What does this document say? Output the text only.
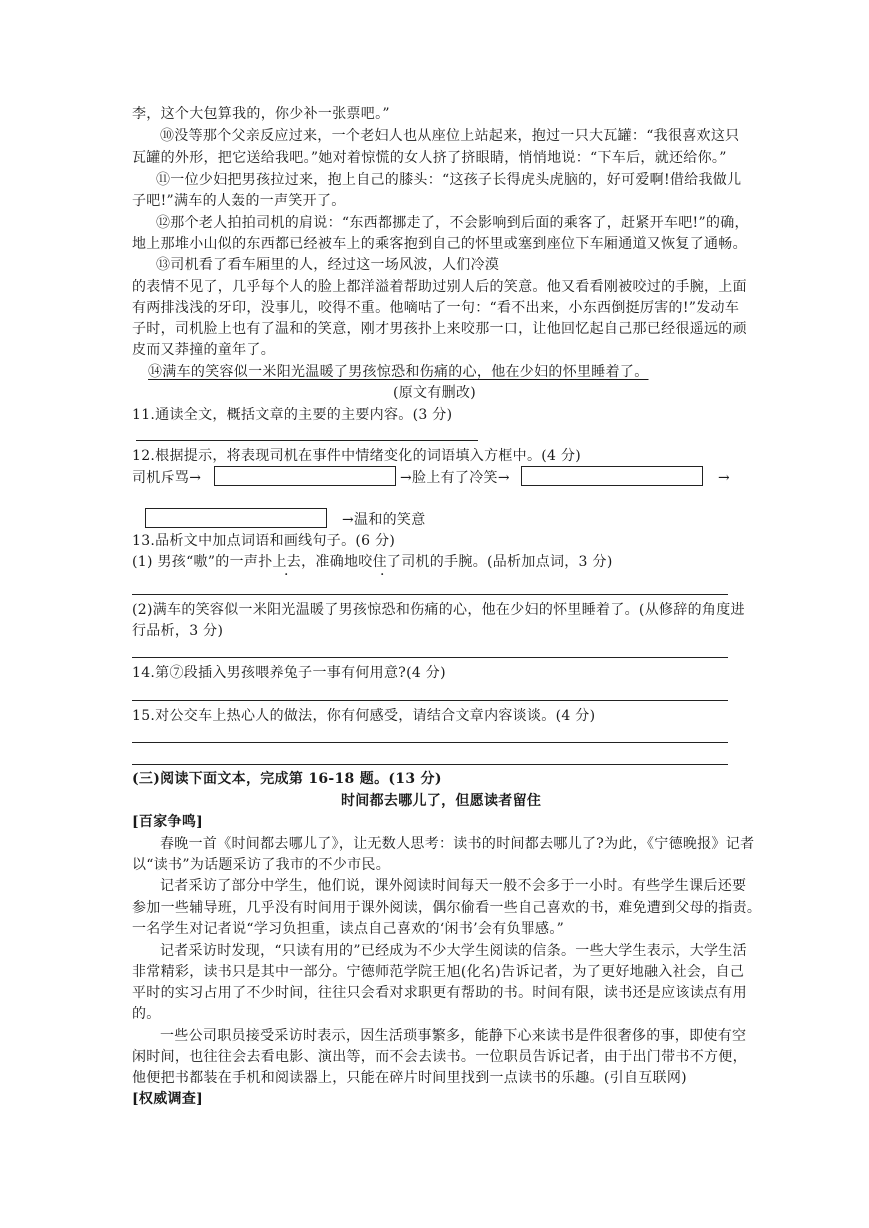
李，这个大包算我的，你少补一张票吧。”
⑩没等那个父亲反应过来，一个老妇人也从座位上站起来，抱过一只大瓦罐：“我很喜欢这只
瓦罐的外形，把它送给我吧。”她对着惊慌的女人挤了挤眼睛，悄悄地说：“下车后，就还给你。”
⑪一位少妇把男孩拉过来，抱上自己的膝头：“这孩子长得虎头虎脑的，好可爱啊!借给我做儿
子吧!”满车的人轰的一声笑开了。
⑫那个老人拍拍司机的肩说：“东西都挪走了，不会影响到后面的乘客了，赶紧开车吧!”的确，
地上那堆小山似的东西都已经被车上的乘客抱到自己的怀里或塞到座位下车厢通道又恢复了通畅。
⑬司机看了看车厢里的人，经过这一场风波，人们冷漠
的表情不见了，几乎每个人的脸上都洋溢着帮助过别人后的笑意。他又看看刚被咬过的手腕，上面
有两排浅浅的牙印，没事儿，咬得不重。他嘀咕了一句：“看不出来，小东西倒挺厉害的!”发动车
子时，司机脸上也有了温和的笑意，刚才男孩扑上来咬那一口，让他回忆起自己那已经很遥远的顽
皮而又莽撞的童年了。
⑭满车的笑容似一米阳光温暖了男孩惊恐和伤痛的心，他在少妇的怀里睡着了。
(原文有删改)
11.通读全文，概括文章的主要的主要内容。(3 分)
12.根据提示，将表现司机在事件中情绪变化的词语填入方框中。(4 分)
司机斥骂→	→脸上有了冷笑→	→
→温和的笑意
13.品析文中加点词语和画线句子。(6 分)
(1) 男孩“嗷”的一声扑上去，准确地咬住了司机的手腕。(品析加点词，3 分)
·	·
(2)满车的笑容似一米阳光温暖了男孩惊恐和伤痛的心，他在少妇的怀里睡着了。(从修辞的角度进
行品析，3 分)
14.第⑦段插入男孩喂养兔子一事有何用意?(4 分)
15.对公交车上热心人的做法，你有何感受，请结合文章内容谈谈。(4 分)
(三)阅读下面文本，完成第 16-18 题。(13 分)
时间都去哪儿了，但愿读者留住
[百家争鸣]
春晚一首《时间都去哪儿了》，让无数人思考：读书的时间都去哪儿了?为此，《宁德晚报》记者
以“读书”为话题采访了我市的不少市民。
记者采访了部分中学生，他们说，课外阅读时间每天一般不会多于一小时。有些学生课后还要
参加一些辅导班，几乎没有时间用于课外阅读，偶尔偷看一些自己喜欢的书，难免遭到父母的指责。
一名学生对记者说“学习负担重，读点自己喜欢的‘闲书’会有负罪感。”
记者采访时发现，“只读有用的”已经成为不少大学生阅读的信条。一些大学生表示，大学生活
非常精彩，读书只是其中一部分。宁德师范学院王旭(化名)告诉记者，为了更好地融入社会，自己
平时的实习占用了不少时间，往往只会看对求职更有帮助的书。时间有限，读书还是应该读点有用
的。
一些公司职员接受采访时表示，因生活琐事繁多，能静下心来读书是件很奢侈的事，即使有空
闲时间，也往往会去看电影、演出等，而不会去读书。一位职员告诉记者，由于出门带书不方便，
他便把书都装在手机和阅读器上，只能在碎片时间里找到一点读书的乐趣。(引自互联网)
[权威调查]
